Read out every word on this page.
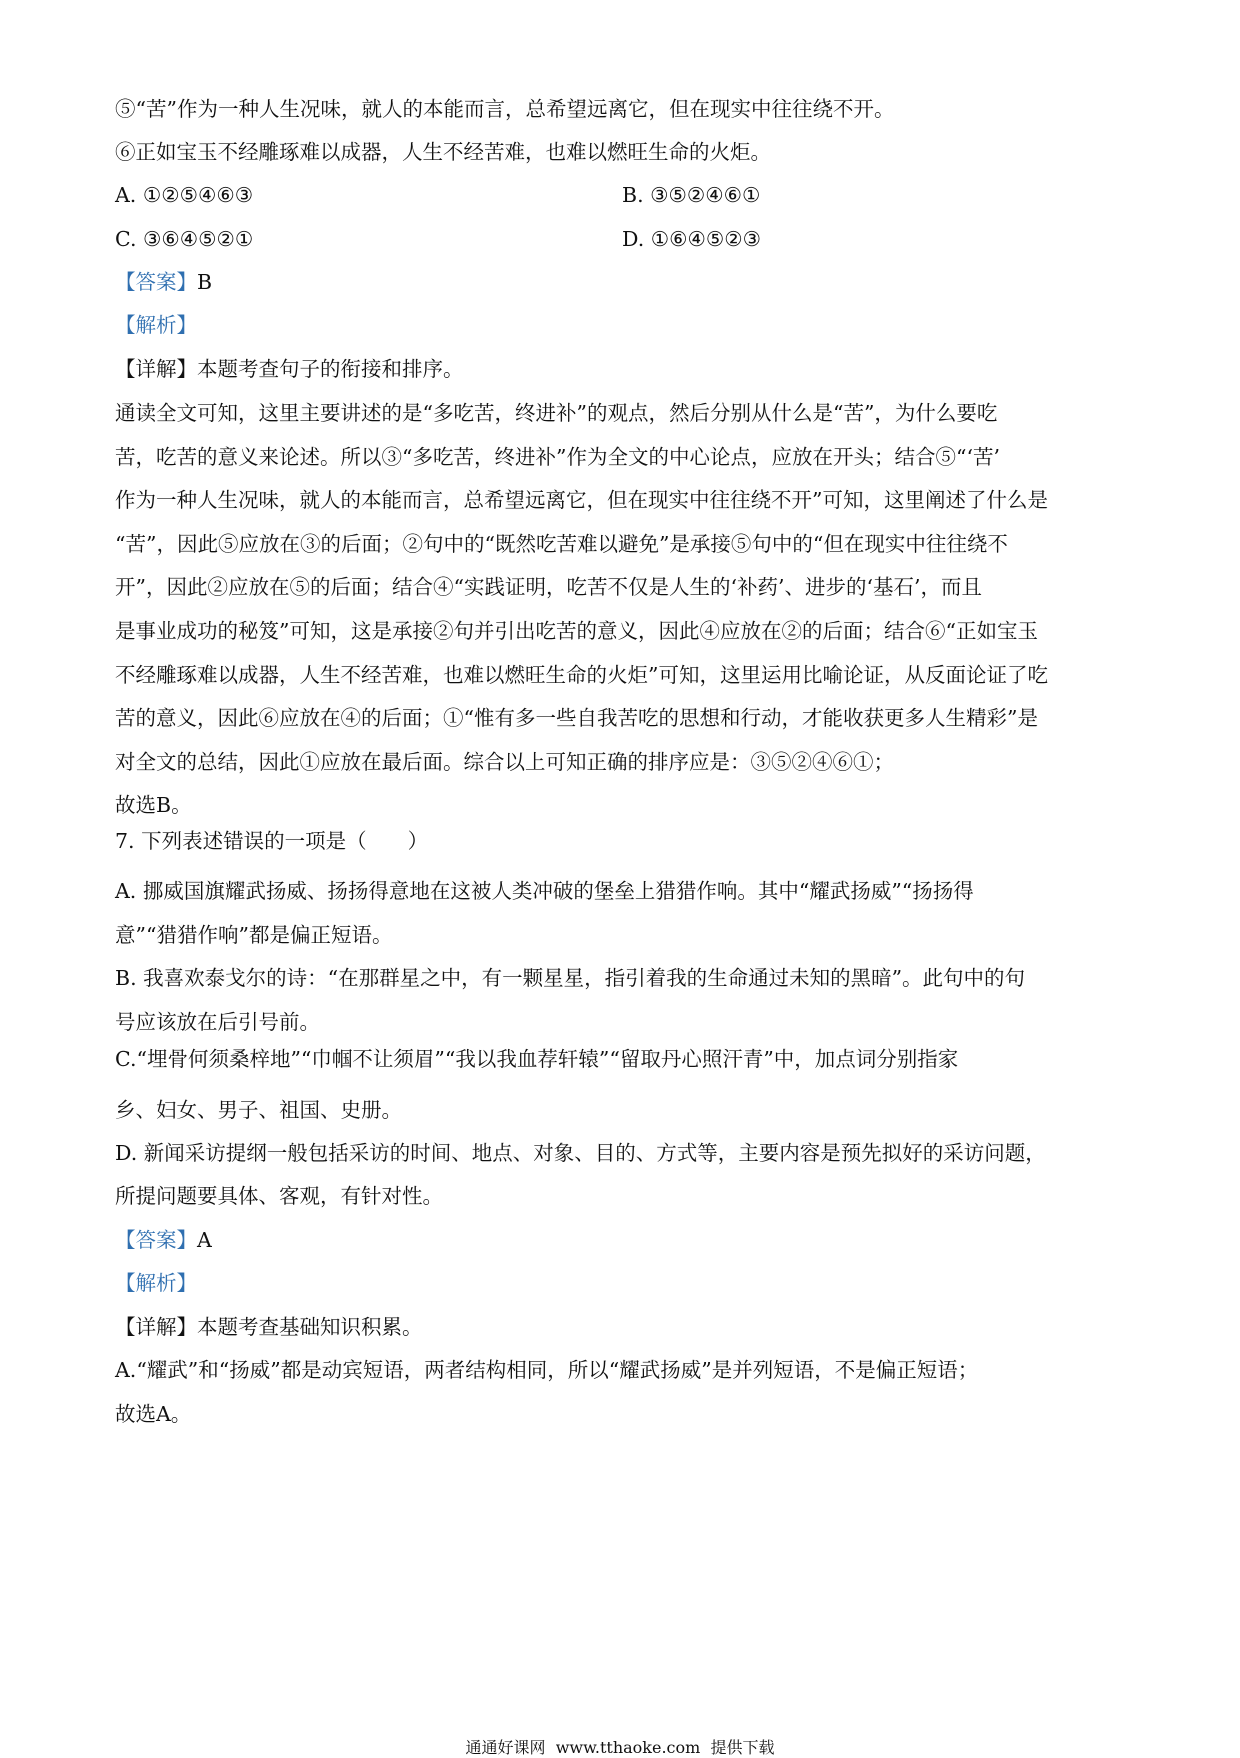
⑤“苦”作为一种人生况味，就人的本能而言，总希望远离它，但在现实中往往绕不开。
⑥正如宝玉不经雕琢难以成器，人生不经苦难，也难以燃旺生命的火炬。
A. ①②⑤④⑥③	B. ③⑤②④⑥①
C. ③⑥④⑤②①	D. ①⑥④⑤②③
【答案】B
【解析】
【详解】本题考查句子的衔接和排序。
通读全文可知，这里主要讲述的是“多吃苦，终进补”的观点，然后分别从什么是“苦”，为什么要吃
苦，吃苦的意义来论述。所以③“多吃苦，终进补”作为全文的中心论点，应放在开头；结合⑤“‘苦’
作为一种人生况味，就人的本能而言，总希望远离它，但在现实中往往绕不开”可知，这里阐述了什么是
“苦”，因此⑤应放在③的后面；②句中的“既然吃苦难以避免”是承接⑤句中的“但在现实中往往绕不
开”，因此②应放在⑤的后面；结合④“实践证明，吃苦不仅是人生的‘补药’、进步的‘基石’，而且
是事业成功的秘笈”可知，这是承接②句并引出吃苦的意义，因此④应放在②的后面；结合⑥“正如宝玉
不经雕琢难以成器，人生不经苦难，也难以燃旺生命的火炬”可知，这里运用比喻论证，从反面论证了吃
苦的意义，因此⑥应放在④的后面；①“惟有多一些自我苦吃的思想和行动，才能收获更多人生精彩”是
对全文的总结，因此①应放在最后面。综合以上可知正确的排序应是：③⑤②④⑥①；
故选B。
7. 下列表述错误的一项是（　　）
A. 挪威国旗耀武扬威、扬扬得意地在这被人类冲破的堡垒上猎猎作响。其中“耀武扬威”“扬扬得
意”“猎猎作响”都是偏正短语。
B. 我喜欢泰戈尔的诗：“在那群星之中，有一颗星星，指引着我的生命通过未知的黑暗”。此句中的句
号应该放在后引号前。
C.“埋骨何须桑梓地”“巾帼不让须眉”“我以我血荐轩辕”“留取丹心照汗青”中，加点词分别指家
乡、妇女、男子、祖国、史册。
D. 新闻采访提纲一般包括采访的时间、地点、对象、目的、方式等，主要内容是预先拟好的采访问题，
所提问题要具体、客观，有针对性。
【答案】A
【解析】
【详解】本题考查基础知识积累。
A.“耀武”和“扬威”都是动宾短语，两者结构相同，所以“耀武扬威”是并列短语，不是偏正短语；
故选A。
通通好课网 www.tthaoke.com 提供下载
